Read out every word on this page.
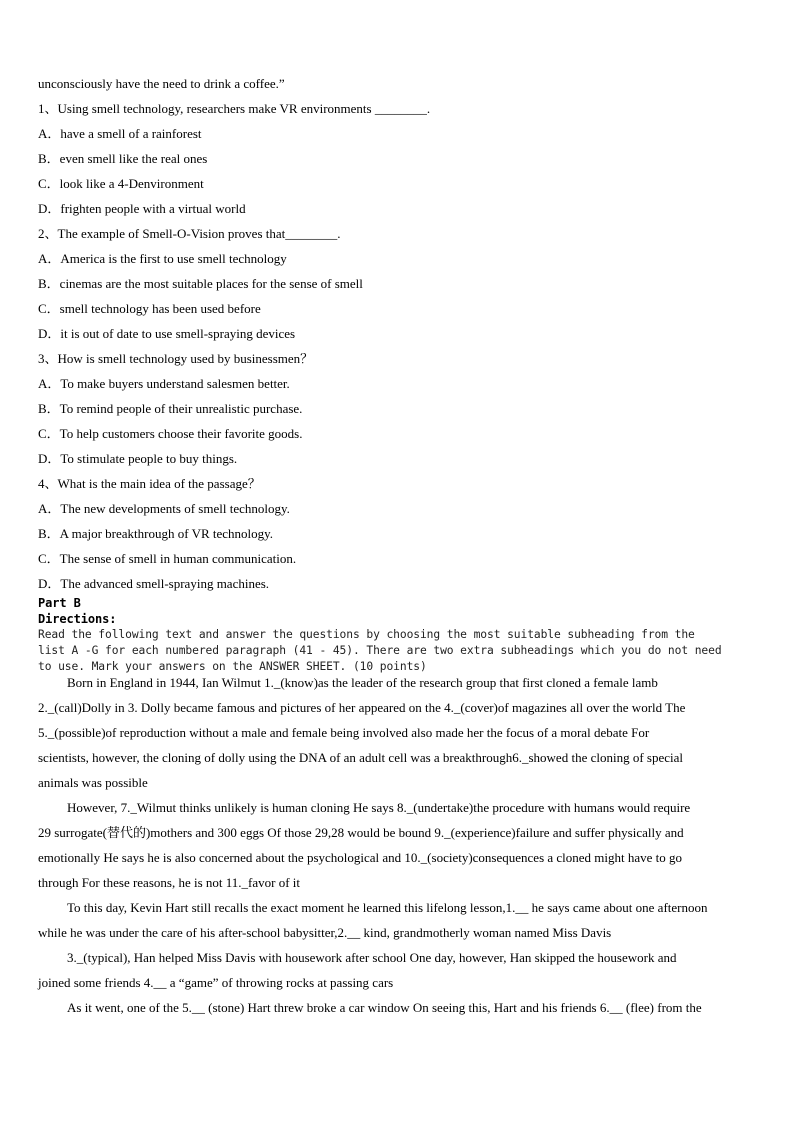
unconsciously have the need to drink a coffee.”
1、Using smell technology, researchers make VR environments ________.
A．have a smell of a rainforest
B．even smell like the real ones
C．look like a 4-Denvironment
D．frighten people with a virtual world
2、The example of Smell-O-Vision proves that________.
A．America is the first to use smell technology
B．cinemas are the most suitable places for the sense of smell
C．smell technology has been used before
D．it is out of date to use smell-spraying devices
3、How is smell technology used by businessmen？
A．To make buyers understand salesmen better.
B．To remind people of their unrealistic purchase.
C．To help customers choose their favorite goods.
D．To stimulate people to buy things.
4、What is the main idea of the passage？
A．The new developments of smell technology.
B．A major breakthrough of VR technology.
C．The sense of smell in human communication.
D．The advanced smell-spraying machines.
Part B
Directions:
Read the following text and answer the questions by choosing the most suitable subheading from the
list A -G for each numbered paragraph (41 - 45). There are two extra subheadings which you do not need
to use. Mark your answers on the ANSWER SHEET. (10 points)
Born in England in 1944, Ian Wilmut 1._(know)as the leader of the research group that first cloned a female lamb
2._(call)Dolly in 3. Dolly became famous and pictures of her appeared on the 4._(cover)of magazines all over the world The
5._(possible)of reproduction without a male and female being involved also made her the focus of a moral debate For
scientists, however, the cloning of dolly using the DNA of an adult cell was a breakthrough6._showed the cloning of special
animals was possible
However, 7._Wilmut thinks unlikely is human cloning He says 8._(undertake)the procedure with humans would require
29 surrogate(替代的)mothers and 300 eggs Of those 29,28 would be bound 9._(experience)failure and suffer physically and
emotionally He says he is also concerned about the psychological and 10._(society)consequences a cloned might have to go
through For these reasons, he is not 11._favor of it
To this day, Kevin Hart still recalls the exact moment he learned this lifelong lesson,1.__ he says came about one afternoon
while he was under the care of his after-school babysitter,2.__ kind, grandmotherly woman named Miss Davis
3._(typical), Han helped Miss Davis with housework after school One day, however, Han skipped the housework and
joined some friends 4.__ a “game” of throwing rocks at passing cars
As it went, one of the 5.__ (stone) Hart threw broke a car window On seeing this, Hart and his friends 6.__ (flee) from the
